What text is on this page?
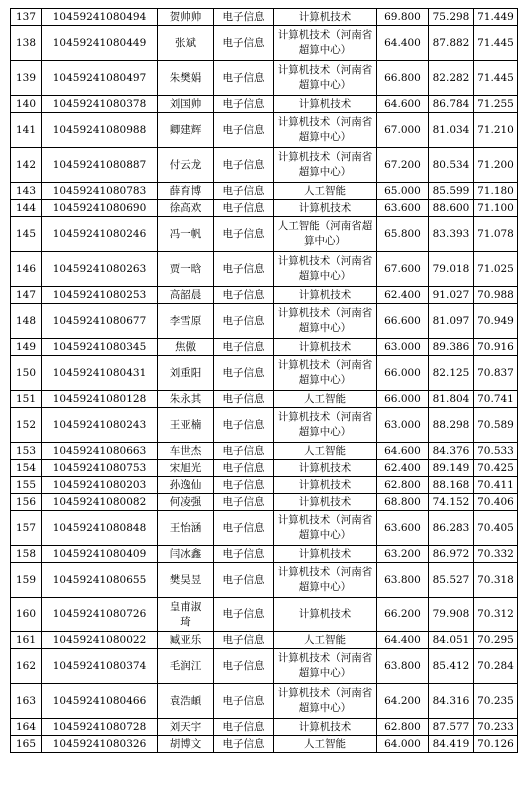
137	10459241080494	贺帅帅	电子信息	计算机技术	69.800	75.298	71.449
138	10459241080449	张斌	电子信息	计算机技术（河南省超算中心）	64.400	87.882	71.445
139	10459241080497	朱樊娟	电子信息	计算机技术（河南省超算中心）	66.800	82.282	71.445
140	10459241080378	刘国帅	电子信息	计算机技术	64.600	86.784	71.255
141	10459241080988	卿建辉	电子信息	计算机技术（河南省超算中心）	67.000	81.034	71.210
142	10459241080887	付云龙	电子信息	计算机技术（河南省超算中心）	67.200	80.534	71.200
143	10459241080783	薛育博	电子信息	人工智能	65.000	85.599	71.180
144	10459241080690	徐高欢	电子信息	计算机技术	63.600	88.600	71.100
145	10459241080246	冯一帆	电子信息	人工智能（河南省超算中心）	65.800	83.393	71.078
146	10459241080263	贾一晗	电子信息	计算机技术（河南省超算中心）	67.600	79.018	71.025
147	10459241080253	高韶晨	电子信息	计算机技术	62.400	91.027	70.988
148	10459241080677	李雪原	电子信息	计算机技术（河南省超算中心）	66.600	81.097	70.949
149	10459241080345	焦傲	电子信息	计算机技术	63.000	89.386	70.916
150	10459241080431	刘重阳	电子信息	计算机技术（河南省超算中心）	66.000	82.125	70.837
151	10459241080128	朱永其	电子信息	人工智能	66.000	81.804	70.741
152	10459241080243	王亚楠	电子信息	计算机技术（河南省超算中心）	63.000	88.298	70.589
153	10459241080663	车世杰	电子信息	人工智能	64.600	84.376	70.533
154	10459241080753	宋旭光	电子信息	计算机技术	62.400	89.149	70.425
155	10459241080203	孙逸仙	电子信息	计算机技术	62.800	88.168	70.411
156	10459241080082	何凌强	电子信息	计算机技术	68.800	74.152	70.406
157	10459241080848	王怡涵	电子信息	计算机技术（河南省超算中心）	63.600	86.283	70.405
158	10459241080409	闫冰鑫	电子信息	计算机技术	63.200	86.972	70.332
159	10459241080655	樊昊昱	电子信息	计算机技术（河南省超算中心）	63.800	85.527	70.318
160	10459241080726	皇甫淑琦	电子信息	计算机技术	66.200	79.908	70.312
161	10459241080022	臧亚乐	电子信息	人工智能	64.400	84.051	70.295
162	10459241080374	毛润江	电子信息	计算机技术（河南省超算中心）	63.800	85.412	70.284
163	10459241080466	袁浩頔	电子信息	计算机技术（河南省超算中心）	64.200	84.316	70.235
164	10459241080728	刘天宇	电子信息	计算机技术	62.800	87.577	70.233
165	10459241080326	胡博文	电子信息	人工智能	64.000	84.419	70.126
